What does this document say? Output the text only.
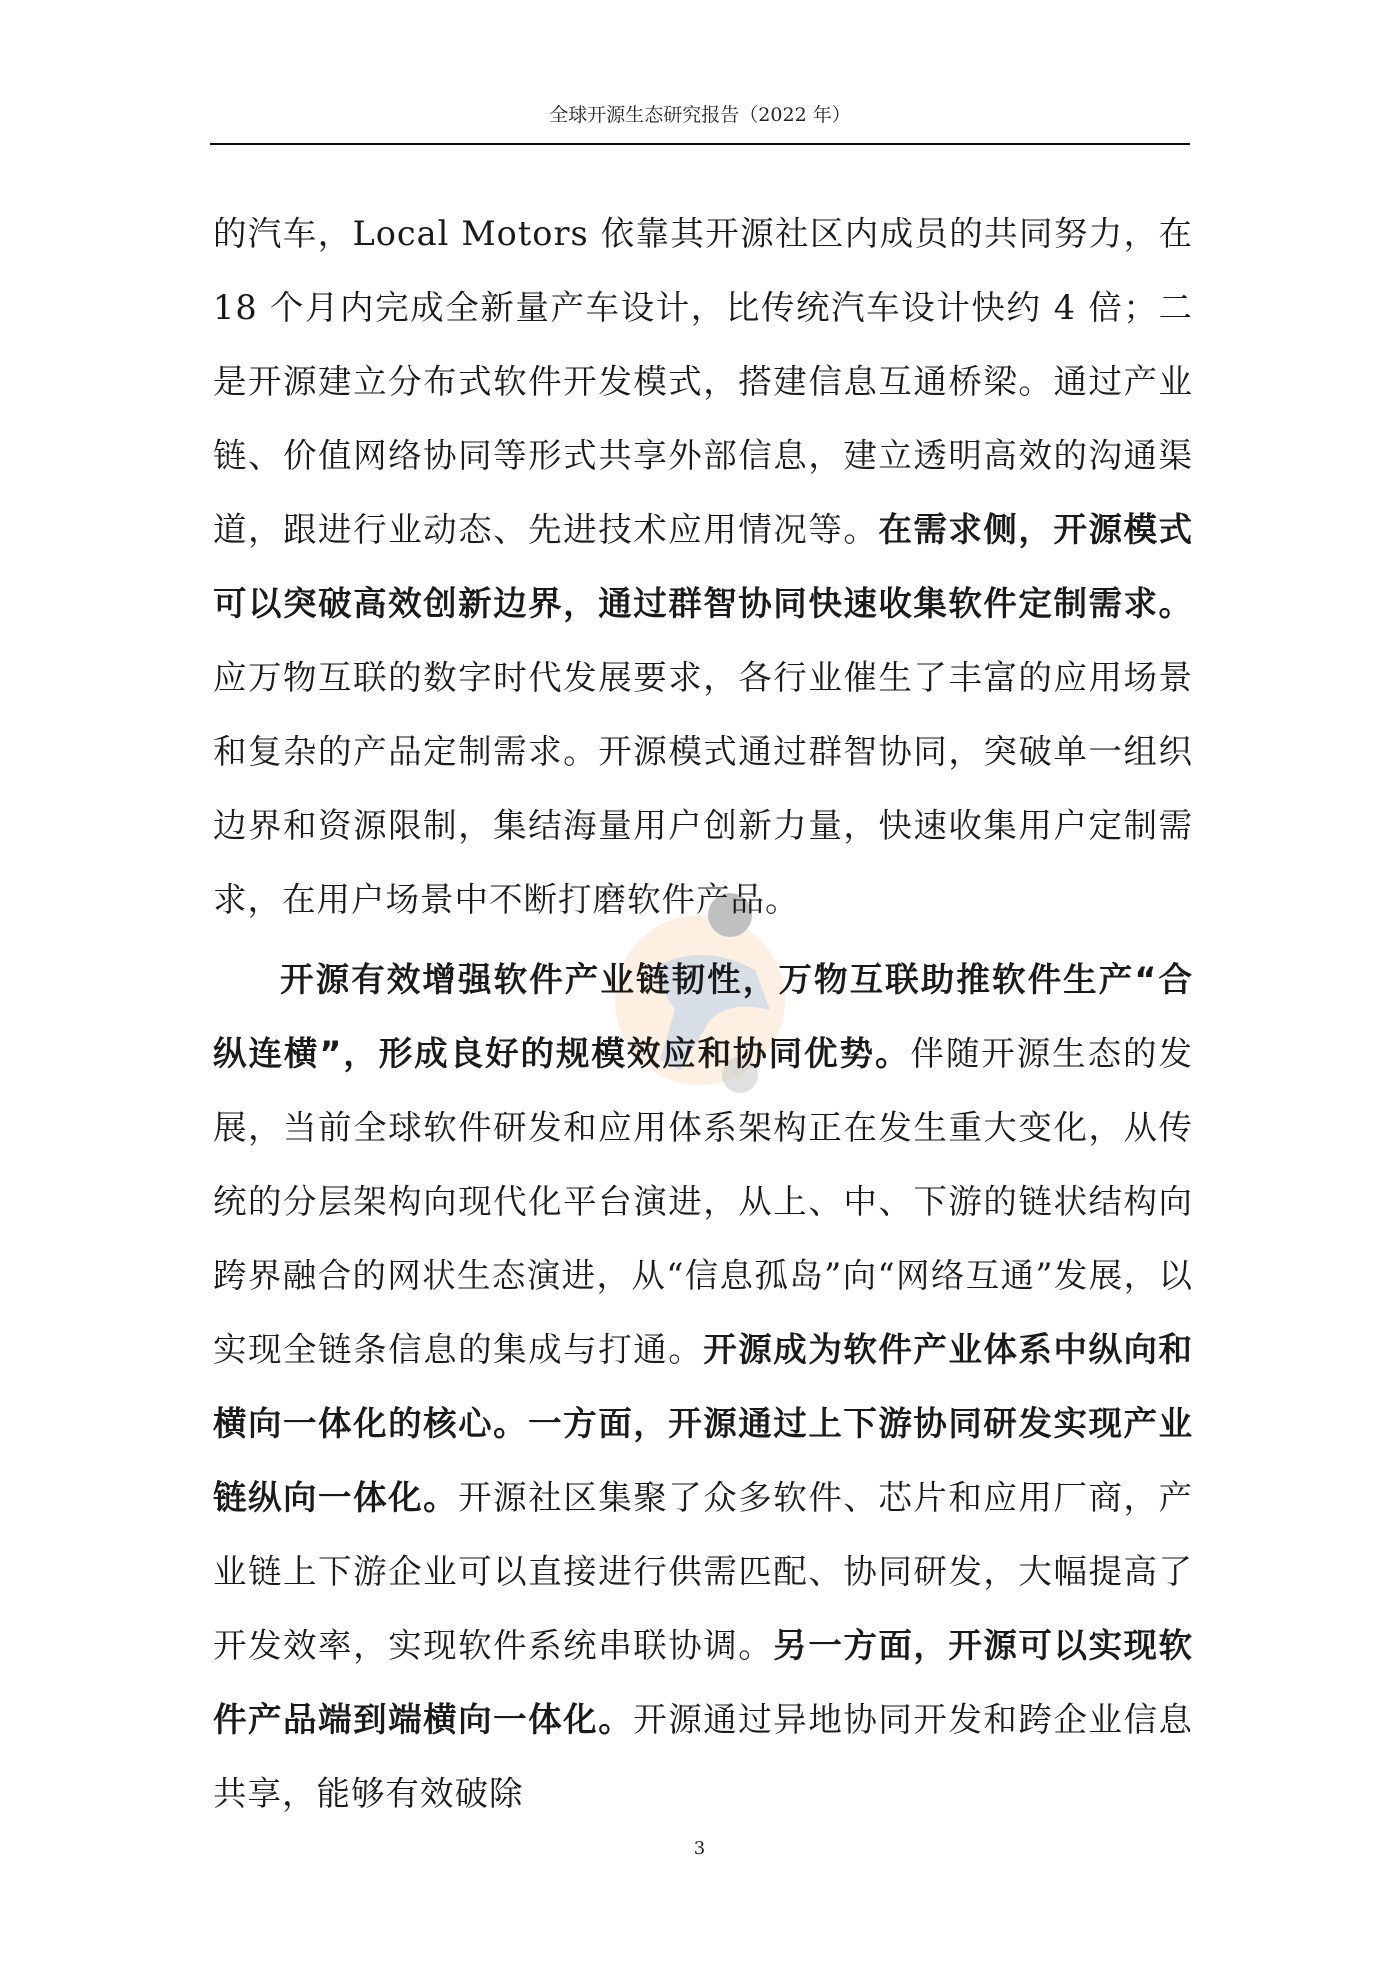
全球开源生态研究报告（2022 年）

的汽车，Local Motors 依靠其开源社区内成员的共同努力，在 18 个月内完成全新量产车设计，比传统汽车设计快约 4 倍；二是开源建立分布式软件开发模式，搭建信息互通桥梁。通过产业链、价值网络协同等形式共享外部信息，建立透明高效的沟通渠道，跟进行业动态、先进技术应用情况等。在需求侧，开源模式可以突破高效创新边界，通过群智协同快速收集软件定制需求。应万物互联的数字时代发展要求，各行业催生了丰富的应用场景和复杂的产品定制需求。开源模式通过群智协同，突破单一组织边界和资源限制，集结海量用户创新力量，快速收集用户定制需求，在用户场景中不断打磨软件产品。

开源有效增强软件产业链韧性，万物互联助推软件生产“合纵连横”，形成良好的规模效应和协同优势。伴随开源生态的发展，当前全球软件研发和应用体系架构正在发生重大变化，从传统的分层架构向现代化平台演进，从上、中、下游的链状结构向跨界融合的网状生态演进，从“信息孤岛”向“网络互通”发展，以实现全链条信息的集成与打通。开源成为软件产业体系中纵向和横向一体化的核心。一方面，开源通过上下游协同研发实现产业链纵向一体化。开源社区集聚了众多软件、芯片和应用厂商，产业链上下游企业可以直接进行供需匹配、协同研发，大幅提高了开发效率，实现软件系统串联协调。另一方面，开源可以实现软件产品端到端横向一体化。开源通过异地协同开发和跨企业信息共享，能够有效破除

3
